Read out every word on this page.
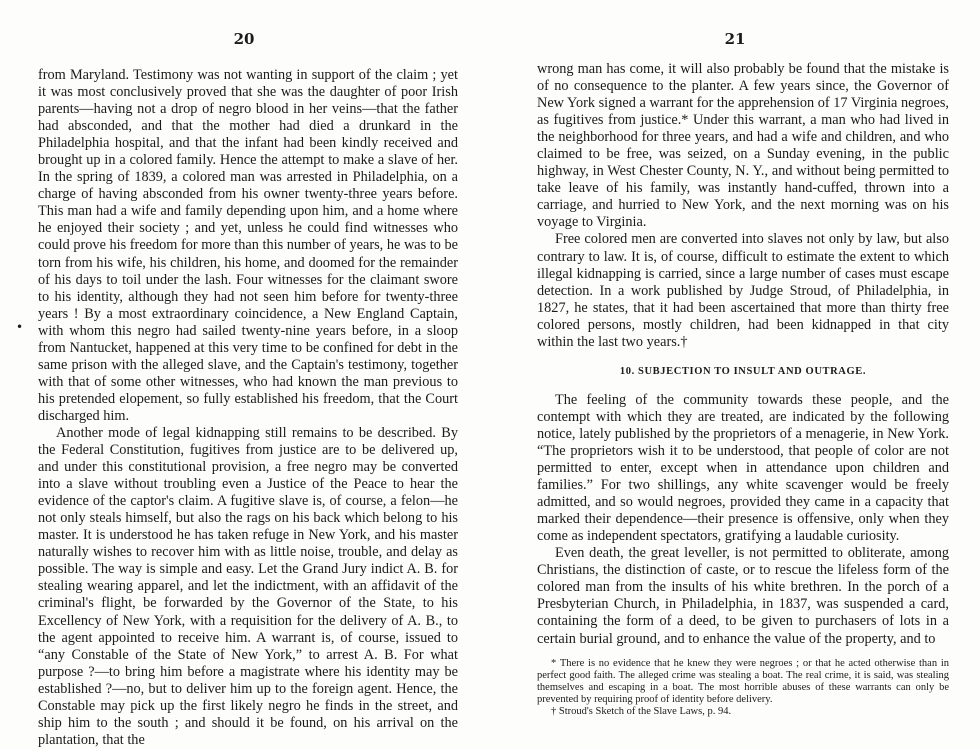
20
•

from Maryland. Testimony was not wanting in support of the claim ; yet it was most conclusively proved that she was the daughter of poor Irish parents—having not a drop of negro blood in her veins—that the father had absconded, and that the mother had died a drunkard in the Philadelphia hospital, and that the infant had been kindly received and brought up in a colored family. Hence the attempt to make a slave of her. In the spring of 1839, a colored man was arrested in Philadelphia, on a charge of having absconded from his owner twenty-three years before. This man had a wife and family depending upon him, and a home where he enjoyed their society ; and yet, unless he could find witnesses who could prove his freedom for more than this number of years, he was to be torn from his wife, his children, his home, and doomed for the remainder of his days to toil under the lash. Four witnesses for the claimant swore to his identity, although they had not seen him before for twenty-three years ! By a most extraordinary coincidence, a New England Captain, with whom this negro had sailed twenty-nine years before, in a sloop from Nantucket, happened at this very time to be confined for debt in the same prison with the alleged slave, and the Captain's testimony, together with that of some other witnesses, who had known the man previous to his pretended elopement, so fully established his freedom, that the Court discharged him.

Another mode of legal kidnapping still remains to be described. By the Federal Constitution, fugitives from justice are to be delivered up, and under this constitutional provision, a free negro may be converted into a slave without troubling even a Justice of the Peace to hear the evidence of the captor's claim. A fugitive slave is, of course, a felon—he not only steals himself, but also the rags on his back which belong to his master. It is understood he has taken refuge in New York, and his master naturally wishes to recover him with as little noise, trouble, and delay as possible. The way is simple and easy. Let the Grand Jury indict A. B. for stealing wearing apparel, and let the indictment, with an affidavit of the criminal's flight, be forwarded by the Governor of the State, to his Excellency of New York, with a requisition for the delivery of A. B., to the agent appointed to receive him. A warrant is, of course, issued to “any Constable of the State of New York,” to arrest A. B. For what purpose ?—to bring him before a magistrate where his identity may be established ?—no, but to deliver him up to the foreign agent. Hence, the Constable may pick up the first likely negro he finds in the street, and ship him to the south ; and should it be found, on his arrival on the plantation, that the

21

wrong man has come, it will also probably be found that the mistake is of no consequence to the planter. A few years since, the Governor of New York signed a warrant for the apprehension of 17 Virginia negroes, as fugitives from justice.* Under this warrant, a man who had lived in the neighborhood for three years, and had a wife and children, and who claimed to be free, was seized, on a Sunday evening, in the public highway, in West Chester County, N. Y., and without being permitted to take leave of his family, was instantly hand-cuffed, thrown into a carriage, and hurried to New York, and the next morning was on his voyage to Virginia.

Free colored men are converted into slaves not only by law, but also contrary to law. It is, of course, difficult to estimate the extent to which illegal kidnapping is carried, since a large number of cases must escape detection. In a work published by Judge Stroud, of Philadelphia, in 1827, he states, that it had been ascertained that more than thirty free colored persons, mostly children, had been kidnapped in that city within the last two years.†

10. SUBJECTION TO INSULT AND OUTRAGE.

The feeling of the community towards these people, and the contempt with which they are treated, are indicated by the following notice, lately published by the proprietors of a menagerie, in New York. “The proprietors wish it to be understood, that people of color are not permitted to enter, except when in attendance upon children and families.” For two shillings, any white scavenger would be freely admitted, and so would negroes, provided they came in a capacity that marked their dependence—their presence is offensive, only when they come as independent spectators, gratifying a laudable curiosity.

Even death, the great leveller, is not permitted to obliterate, among Christians, the distinction of caste, or to rescue the lifeless form of the colored man from the insults of his white brethren. In the porch of a Presbyterian Church, in Philadelphia, in 1837, was suspended a card, containing the form of a deed, to be given to purchasers of lots in a certain burial ground, and to enhance the value of the property, and to

* There is no evidence that he knew they were negroes ; or that he acted otherwise than in perfect good faith. The alleged crime was stealing a boat. The real crime, it is said, was stealing themselves and escaping in a boat. The most horrible abuses of these warrants can only be prevented by requiring proof of identity before delivery.

† Stroud's Sketch of the Slave Laws, p. 94.
